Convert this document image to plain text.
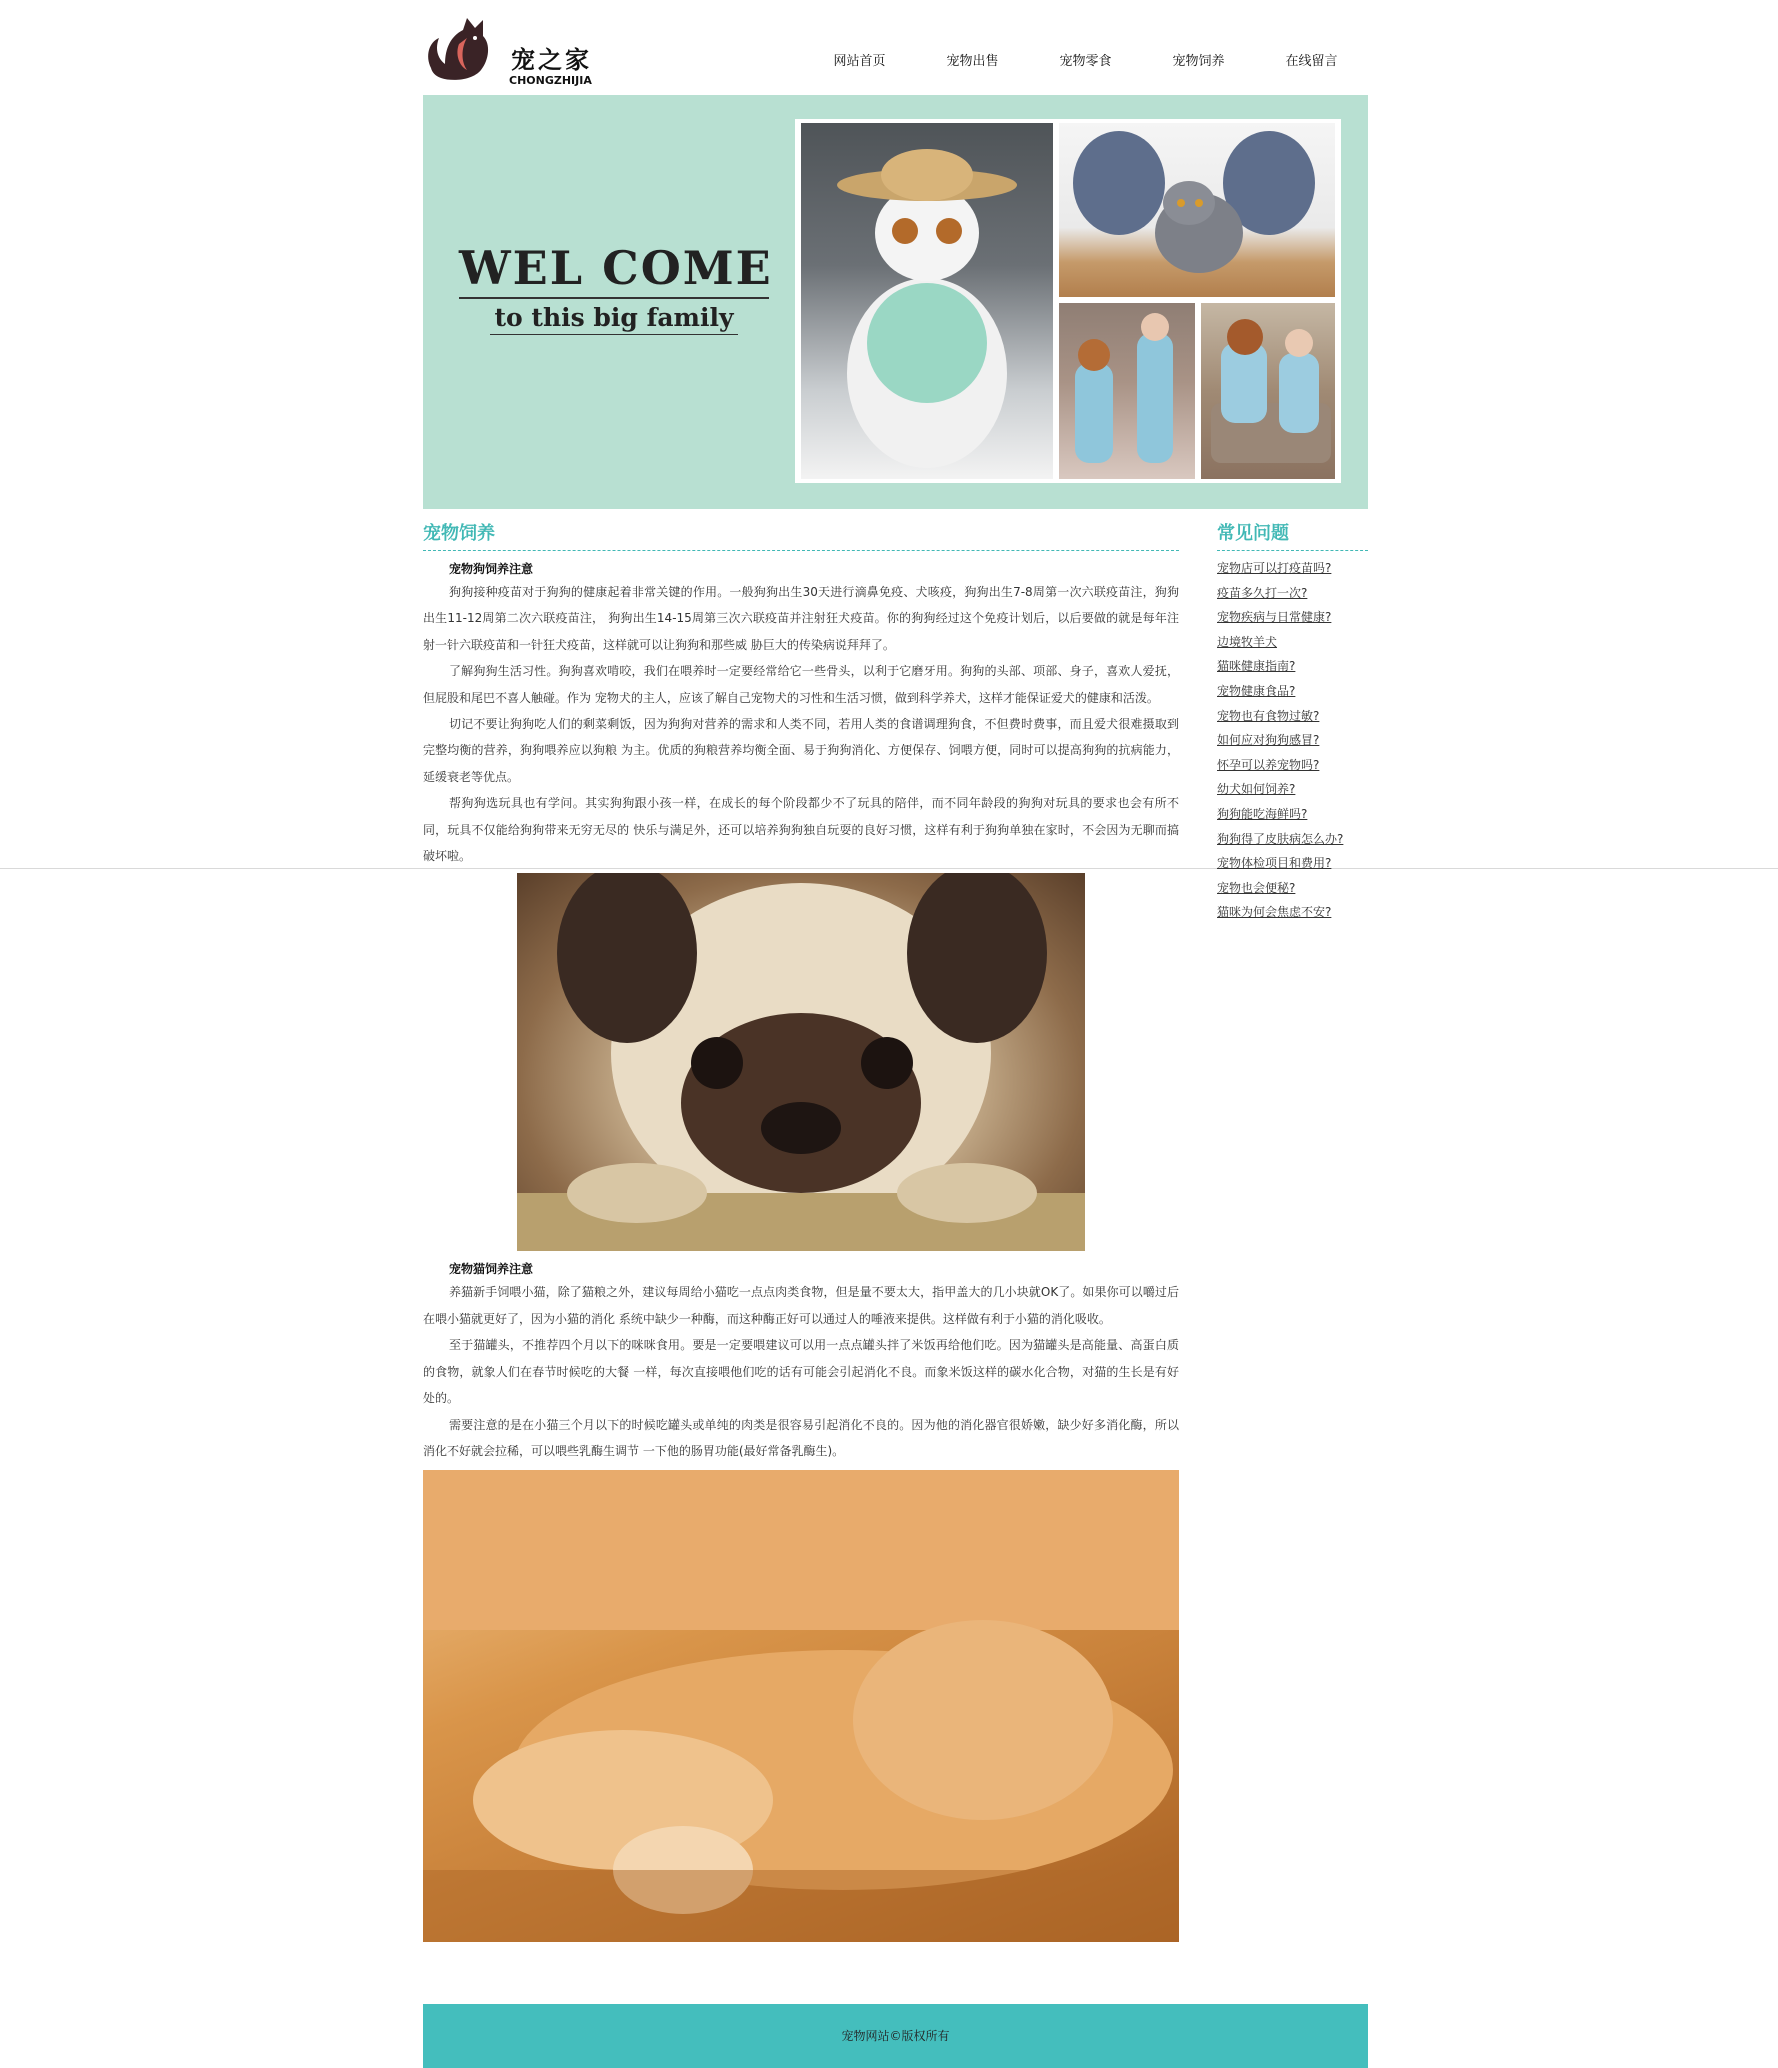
宠之家
CHONGZHIJIA
网站首页	宠物出售	宠物零食	宠物饲养	在线留言
WEL COME
to this big family
宠物饲养
宠物狗饲养注意

狗狗接种疫苗对于狗狗的健康起着非常关键的作用。一般狗狗出生30天进行滴鼻免疫、犬咳疫，狗狗出生7-8周第一次六联疫苗注，狗狗出生11-12周第二次六联疫苗注， 狗狗出生14-15周第三次六联疫苗并注射狂犬疫苗。你的狗狗经过这个免疫计划后，以后要做的就是每年注射一针六联疫苗和一针狂犬疫苗，这样就可以让狗狗和那些威 胁巨大的传染病说拜拜了。

了解狗狗生活习性。狗狗喜欢啃咬，我们在喂养时一定要经常给它一些骨头，以利于它磨牙用。狗狗的头部、项部、身子，喜欢人爱抚，但屁股和尾巴不喜人触碰。作为 宠物犬的主人，应该了解自己宠物犬的习性和生活习惯，做到科学养犬，这样才能保证爱犬的健康和活泼。

切记不要让狗狗吃人们的剩菜剩饭，因为狗狗对营养的需求和人类不同，若用人类的食谱调理狗食，不但费时费事，而且爱犬很难摄取到完整均衡的营养，狗狗喂养应以狗粮 为主。优质的狗粮营养均衡全面、易于狗狗消化、方便保存、饲喂方便，同时可以提高狗狗的抗病能力，延缓衰老等优点。

帮狗狗选玩具也有学问。其实狗狗跟小孩一样，在成长的每个阶段都少不了玩具的陪伴，而不同年龄段的狗狗对玩具的要求也会有所不同，玩具不仅能给狗狗带来无穷无尽的 快乐与满足外，还可以培养狗狗独自玩耍的良好习惯，这样有利于狗狗单独在家时，不会因为无聊而搞破坏啦。

宠物猫饲养注意

养猫新手饲喂小猫，除了猫粮之外，建议每周给小猫吃一点点肉类食物，但是量不要太大，指甲盖大的几小块就OK了。如果你可以嚼过后在喂小猫就更好了，因为小猫的消化 系统中缺少一种酶，而这种酶正好可以通过人的唾液来提供。这样做有利于小猫的消化吸收。

至于猫罐头，不推荐四个月以下的咪咪食用。要是一定要喂建议可以用一点点罐头拌了米饭再给他们吃。因为猫罐头是高能量、高蛋白质的食物，就象人们在春节时候吃的大餐 一样，每次直接喂他们吃的话有可能会引起消化不良。而象米饭这样的碳水化合物，对猫的生长是有好处的。

需要注意的是在小猫三个月以下的时候吃罐头或单纯的肉类是很容易引起消化不良的。因为他的消化器官很娇嫩，缺少好多消化酶，所以消化不好就会拉稀，可以喂些乳酶生调节 一下他的肠胃功能(最好常备乳酶生)。

常见问题
宠物店可以打疫苗吗?
疫苗多久打一次?
宠物疾病与日常健康?
边境牧羊犬
猫咪健康指南?
宠物健康食品?
宠物也有食物过敏?
如何应对狗狗感冒?
怀孕可以养宠物吗?
幼犬如何饲养?
狗狗能吃海鲜吗?
狗狗得了皮肤病怎么办?
宠物体检项目和费用?
宠物也会便秘?
猫咪为何会焦虑不安?
宠物网站©版权所有
